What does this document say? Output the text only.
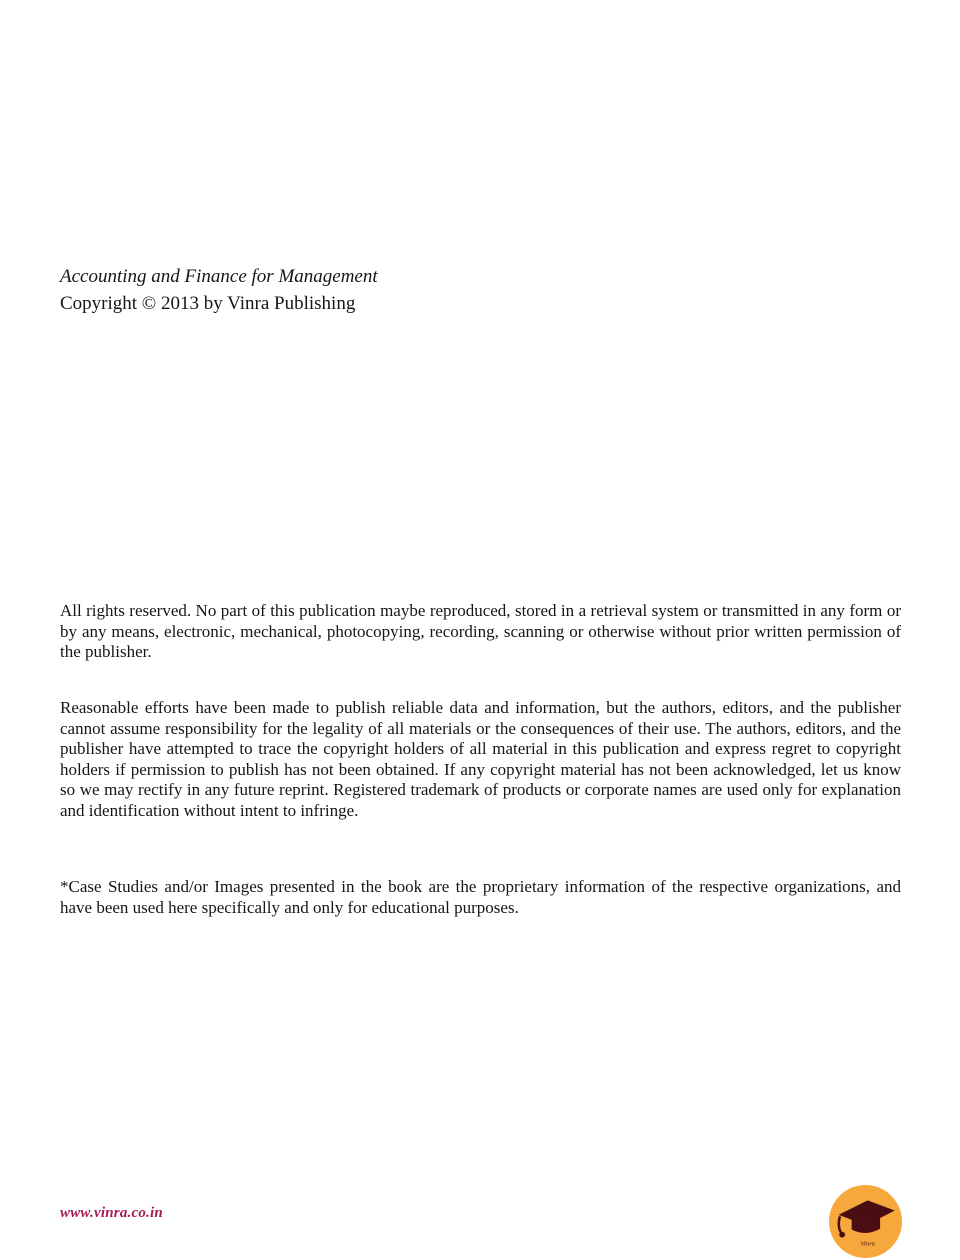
Accounting and Finance for Management
Copyright © 2013 by Vinra Publishing

All rights reserved. No part of this publication maybe reproduced, stored in a retrieval system or transmitted in any form or by any means, electronic, mechanical, photocopying, recording, scanning or otherwise without prior written permission of the publisher.

Reasonable efforts have been made to publish reliable data and information, but the authors, editors, and the publisher cannot assume responsibility for the legality of all materials or the consequences of their use. The authors, editors, and the publisher have attempted to trace the copyright holders of all material in this publication and express regret to copyright holders if permission to publish has not been obtained. If any copyright material has not been acknowledged, let us know so we may rectify in any future reprint. Registered trademark of products or corporate names are used only for explanation and identification without intent to infringe.

*Case Studies and/or Images presented in the book are the proprietary information of the respective organizations, and have been used here specifically and only for educational purposes.

www.vinra.co.in
Vinra
